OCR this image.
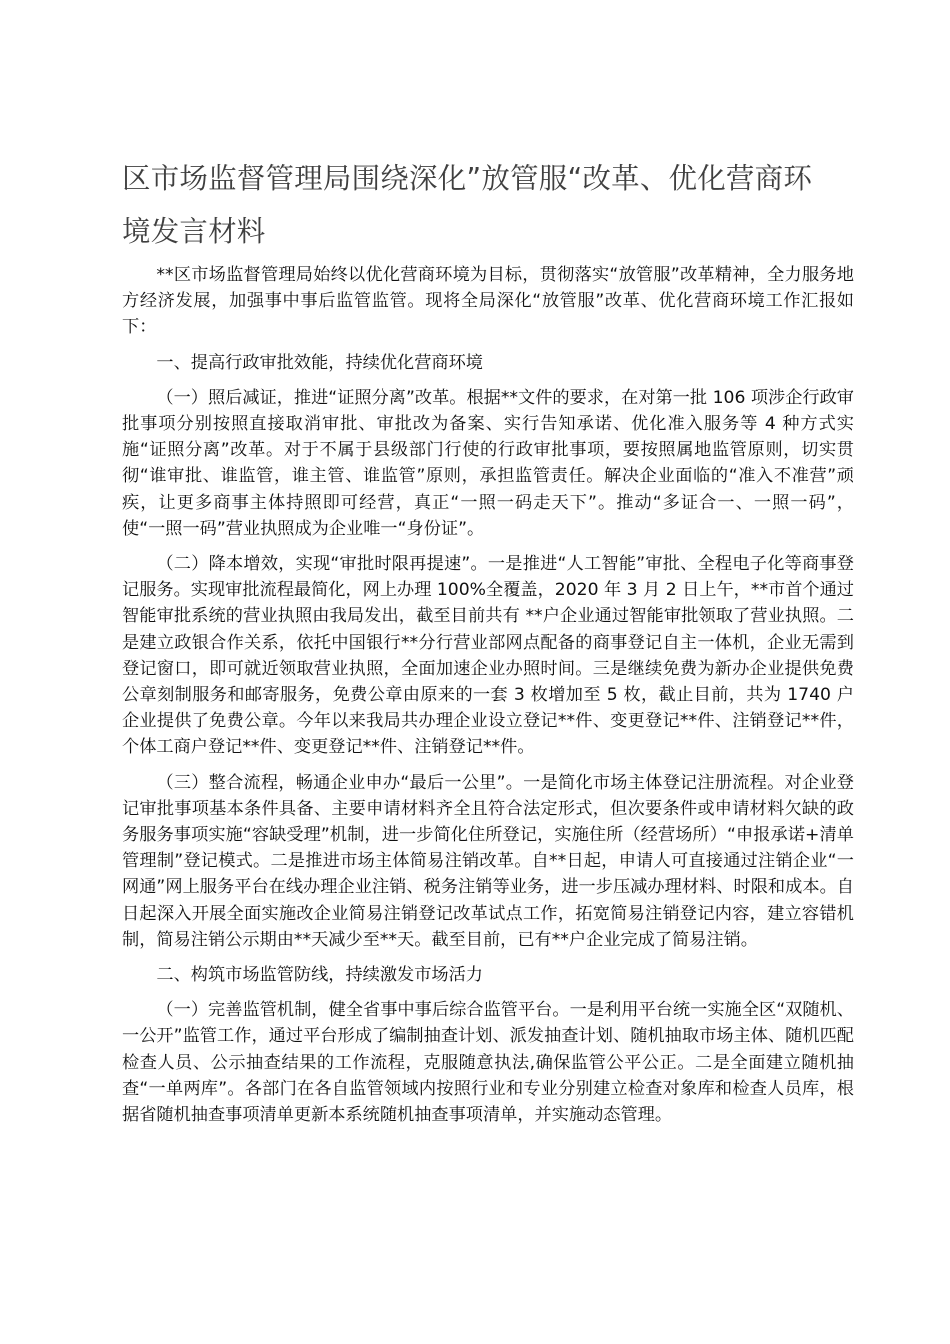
区市场监督管理局围绕深化”放管服“改革、优化营商环境发言材料

**区市场监督管理局始终以优化营商环境为目标，贯彻落实“放管服”改革精神，全力服务地方经济发展，加强事中事后监管监管。现将全局深化“放管服”改革、优化营商环境工作汇报如下：

一、提高行政审批效能，持续优化营商环境

（一）照后减证，推进“证照分离”改革。根据**文件的要求，在对第一批 106 项涉企行政审批事项分别按照直接取消审批、审批改为备案、实行告知承诺、优化准入服务等 4 种方式实施“证照分离”改革。对于不属于县级部门行使的行政审批事项，要按照属地监管原则，切实贯彻“谁审批、谁监管，谁主管、谁监管”原则，承担监管责任。解决企业面临的“准入不准营”顽疾，让更多商事主体持照即可经营，真正“一照一码走天下”。推动“多证合一、一照一码”，使“一照一码”营业执照成为企业唯一“身份证”。

（二）降本增效，实现“审批时限再提速”。一是推进“人工智能”审批、全程电子化等商事登记服务。实现审批流程最简化，网上办理 100%全覆盖，2020 年 3 月 2 日上午，**市首个通过智能审批系统的营业执照由我局发出，截至目前共有 **户企业通过智能审批领取了营业执照。二是建立政银合作关系，依托中国银行**分行营业部网点配备的商事登记自主一体机，企业无需到登记窗口，即可就近领取营业执照，全面加速企业办照时间。三是继续免费为新办企业提供免费公章刻制服务和邮寄服务，免费公章由原来的一套 3 枚增加至 5 枚，截止目前，共为 1740 户企业提供了免费公章。今年以来我局共办理企业设立登记**件、变更登记**件、注销登记**件，个体工商户登记**件、变更登记**件、注销登记**件。

（三）整合流程，畅通企业申办“最后一公里”。一是简化市场主体登记注册流程。对企业登记审批事项基本条件具备、主要申请材料齐全且符合法定形式，但次要条件或申请材料欠缺的政务服务事项实施“容缺受理”机制，进一步简化住所登记，实施住所（经营场所）“申报承诺+清单管理制”登记模式。二是推进市场主体简易注销改革。自**日起，申请人可直接通过注销企业“一网通”网上服务平台在线办理企业注销、税务注销等业务，进一步压减办理材料、时限和成本。自 日起深入开展全面实施改企业简易注销登记改革试点工作，拓宽简易注销登记内容，建立容错机制，简易注销公示期由**天减少至**天。截至目前，已有**户企业完成了简易注销。

二、构筑市场监管防线，持续激发市场活力

（一）完善监管机制，健全省事中事后综合监管平台。一是利用平台统一实施全区“双随机、一公开”监管工作，通过平台形成了编制抽查计划、派发抽查计划、随机抽取市场主体、随机匹配检查人员、公示抽查结果的工作流程，克服随意执法,确保监管公平公正。二是全面建立随机抽查“一单两库”。各部门在各自监管领域内按照行业和专业分别建立检查对象库和检查人员库，根据省随机抽查事项清单更新本系统随机抽查事项清单，并实施动态管理。
